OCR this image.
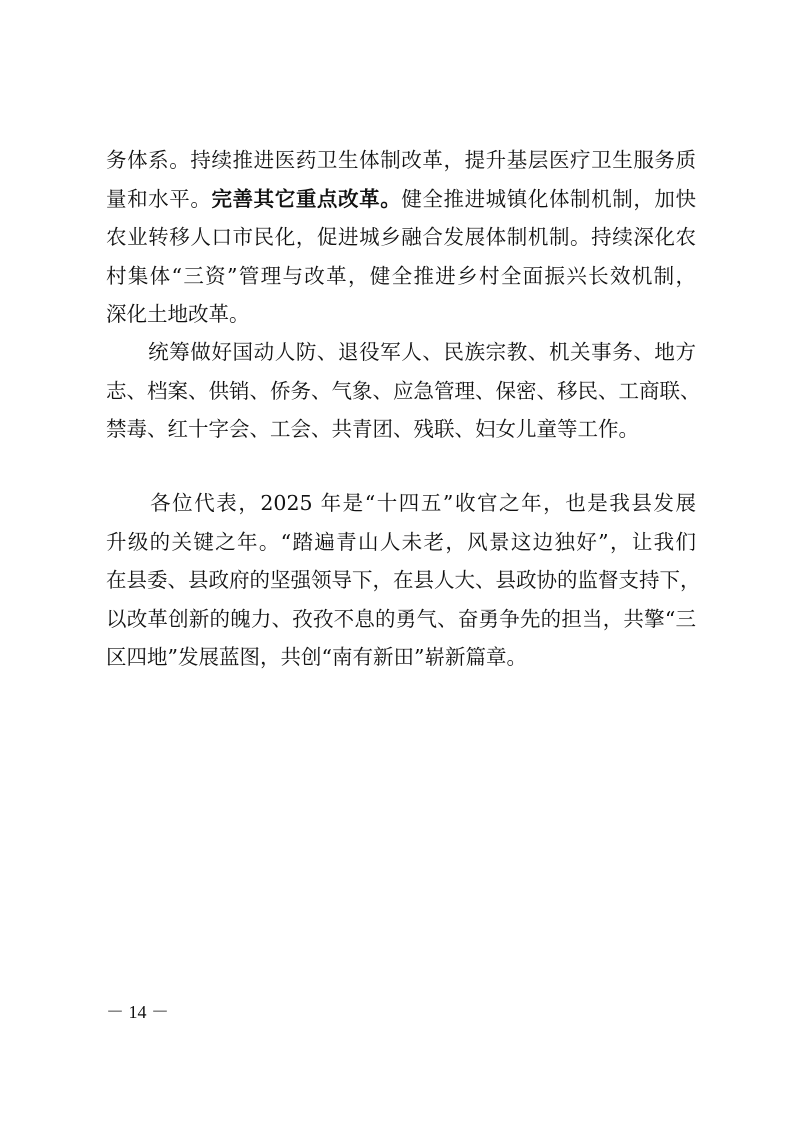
务体系。持续推进医药卫生体制改革，提升基层医疗卫生服务质
量和水平。完善其它重点改革。健全推进城镇化体制机制，加快
农业转移人口市民化，促进城乡融合发展体制机制。持续深化农
村集体“三资”管理与改革，健全推进乡村全面振兴长效机制，
深化土地改革。
　　统筹做好国动人防、退役军人、民族宗教、机关事务、地方
志、档案、供销、侨务、气象、应急管理、保密、移民、工商联、
禁毒、红十字会、工会、共青团、残联、妇女儿童等工作。
　　各位代表，2025 年是“十四五”收官之年，也是我县发展
升级的关键之年。“踏遍青山人未老，风景这边独好”，让我们
在县委、县政府的坚强领导下，在县人大、县政协的监督支持下，
以改革创新的魄力、孜孜不息的勇气、奋勇争先的担当，共擎“三
区四地”发展蓝图，共创“南有新田”崭新篇章。
－ 14 －
